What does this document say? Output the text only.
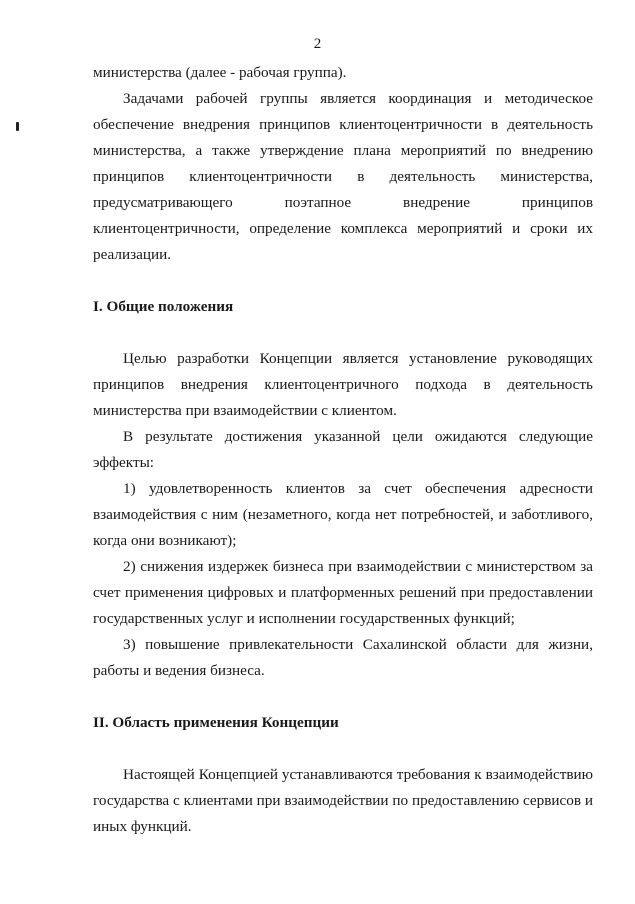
2

министерства (далее - рабочая группа).

Задачами рабочей группы является координация и методическое обеспечение внедрения принципов клиентоцентричности в деятельность министерства, а также утверждение плана мероприятий по внедрению принципов клиентоцентричности в деятельность министерства, предусматривающего поэтапное внедрение принципов клиентоцентричности, определение комплекса мероприятий и сроки их реализации.

I. Общие положения

Целью разработки Концепции является установление руководящих принципов внедрения клиентоцентричного подхода в деятельность министерства при взаимодействии с клиентом.

В результате достижения указанной цели ожидаются следующие эффекты:

1) удовлетворенность клиентов за счет обеспечения адресности взаимодействия с ним (незаметного, когда нет потребностей, и заботливого, когда они возникают);

2) снижения издержек бизнеса при взаимодействии с министерством за счет применения цифровых и платформенных решений при предоставлении государственных услуг и исполнении государственных функций;

3) повышение привлекательности Сахалинской области для жизни, работы и ведения бизнеса.

II. Область применения Концепции

Настоящей Концепцией устанавливаются требования к взаимодействию государства с клиентами при взаимодействии по предоставлению сервисов и иных функций.
